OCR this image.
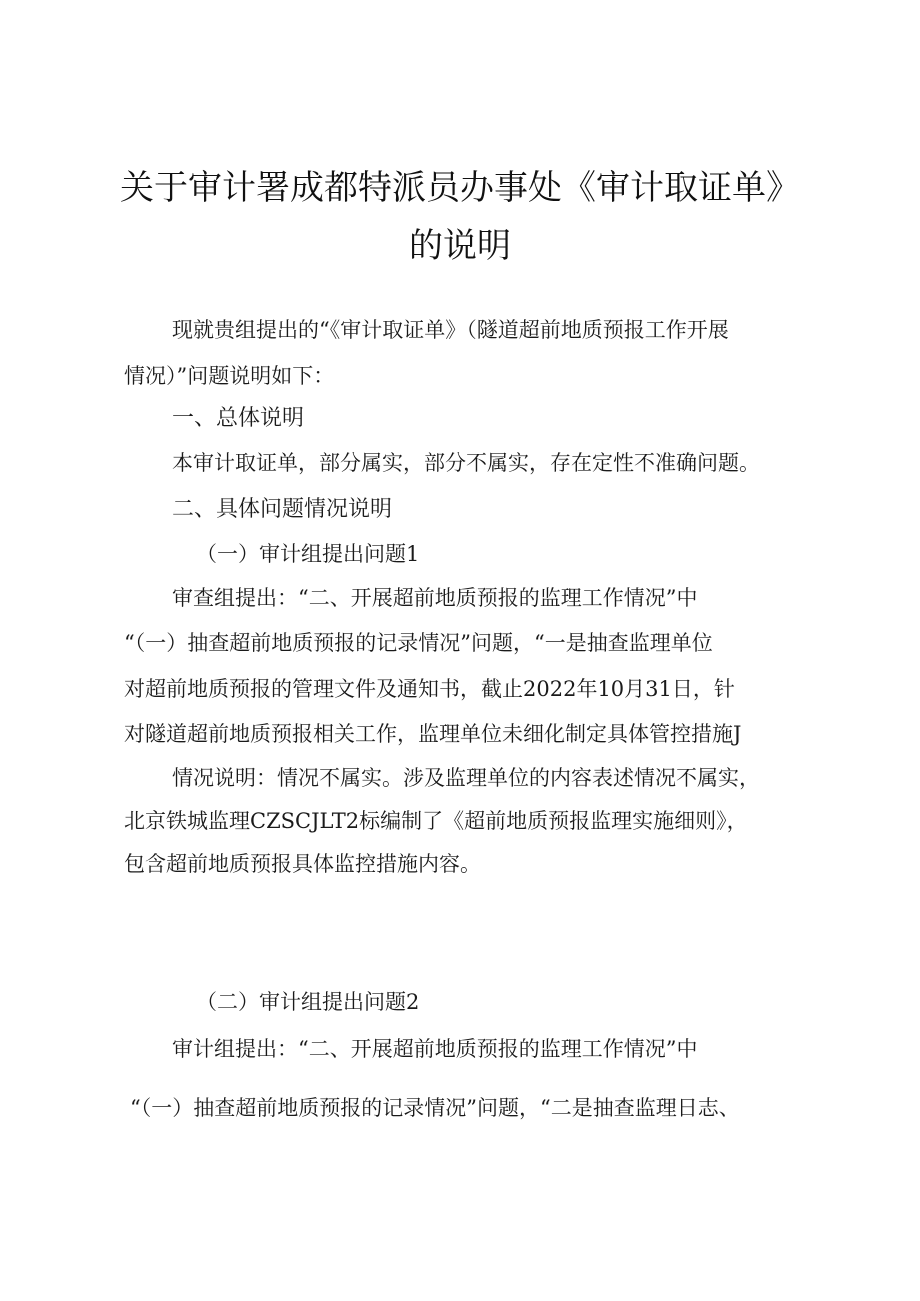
关于审计署成都特派员办事处《审计取证单》
的说明
现就贵组提出的“《审计取证单》（隧道超前地质预报工作开展
情况）”问题说明如下：
一、总体说明
本审计取证单，部分属实，部分不属实，存在定性不准确问题。
二、具体问题情况说明
（一）审计组提出问题1
审查组提出：“二、开展超前地质预报的监理工作情况”中
“（一）抽查超前地质预报的记录情况”问题，“一是抽查监理单位
对超前地质预报的管理文件及通知书，截止2022年10月31日，针
对隧道超前地质预报相关工作，监理单位未细化制定具体管控措施J
情况说明：情况不属实。涉及监理单位的内容表述情况不属实，
北京铁城监理CZSCJLT2标编制了《超前地质预报监理实施细则》，
包含超前地质预报具体监控措施内容。
（二）审计组提出问题2
审计组提出：“二、开展超前地质预报的监理工作情况”中
“（一）抽查超前地质预报的记录情况”问题，“二是抽查监理日志、
